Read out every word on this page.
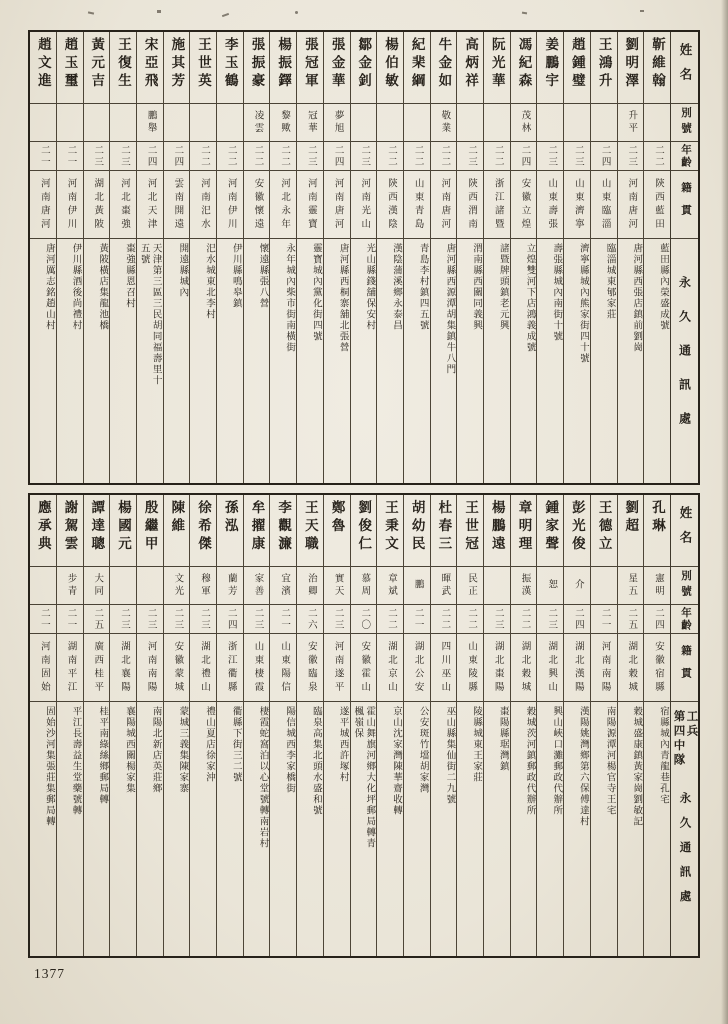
靳維翰
二二
陝西藍田
藍田縣內榮盛成號
劉明澤
升平
二三
河南唐河
唐河縣西張店鎮前劉崗
王鴻升
二四
山東臨淄
臨淄城東郇家莊
趙鍾璧
二三
山東濟寧
濟寧縣城內熊家街四十號
姜鵬宇
二三
山東壽張
壽張縣城內南街十號
馮紀森
茂林
二四
安徽立煌
立煌雙河下店鴻義成號
阮光華
二二
浙江諸暨
諸暨牌頭鎮老元興
高炳祥
二三
陝西渭南
渭南縣西關同義興
牛金如
敬業
二二
河南唐河
唐河縣西源潭胡集鎮牛八門
紀棐綱
二二
山東青島
青島李村鎮四五號
楊伯敏
二二
陝西漢陰
漢陰蒲溪鄉永泰昌
鄒金釗
二三
河南光山
光山縣錢舖保安村
張金華
夢旭
二四
河南唐河
唐河縣西桐寨舖北張營
張冠軍
冠華
二三
河南靈寶
靈寶城內黨化街四號
楊振鐸
黎歟
二二
河北永年
永年城內柴市街南橫街
張振豪
凌雲
二二
安徽懷遠
懷遠縣張八營
李玉鶴
二二
河南伊川
伊川縣鳴皋鎮
王世英
二二
河南汜水
汜水城東北李村
施其芳
二四
雲南開遠
開遠縣城內
宋亞飛
鵬舉
二四
河北天津
天津第三區三民胡同福壽里十五號
王復生
二三
河北棗強
棗強縣恩召村
黃元吉
二三
湖北黃陂
黃陂橫店集龍池橋
趙玉璽
二一
河南伊川
伊川縣酒後尚禮村
趙文進
二一
河南唐河
唐河厲志銘趙山村
姓名
別號
年齡
籍貫
永久通訊處
孔琳
憲明
二四
安徽宿縣
宿縣城內青龍巷孔宅
劉超
星五
二五
湖北穀城
穀城盛康鎮黃家崗劉敏記
王德立
二一
河南南陽
南陽源潭河楊官寺王宅
彭光俊
介
二四
湖北漢陽
漢陽姚灣鄉第六保傅達村
鍾家聲
恕
二三
湖北興山
興山峽口灘郵政代辦所
章明理
振漢
二二
湖北穀城
穀城茨河鎮郵政代辦所
楊鵬遠
二三
湖北棗陽
棗陽縣琚灣鎮
王世冠
民正
二二
山東陵縣
陵縣城東王家莊
杜春三
暉武
二二
四川巫山
巫山縣集仙街二九號
胡幼民
鵬
二一
湖北公安
公安斑竹壋胡家灣
王秉文
章斌
二二
湖北京山
京山沈家灣陳華齋收轉
劉俊仁
慕周
二〇
安徽霍山
霍山舞旗河鄉大化坪郵局轉青楓嶺保
鄭魯
實天
二三
河南遂平
遂平城西許塚村
王天職
治卿
二六
安徽臨泉
臨泉高集北頭水盛和號
李觀濂
宜濱
二一
山東陽信
陽信城西李家橋街
牟擢康
家善
二三
山東棲霞
棲霞蛇窩泊以心堂號轉南岩村
孫泓
蘭芳
二四
浙江衢縣
衢縣下街三二號
徐希傑
穆軍
二三
湖北禮山
禮山夏店徐家沖
陳維
文光
二三
安徽蒙城
蒙城三義集陳家寨
殷繼甲
二三
河南南陽
南陽北新店英莊鄉
楊國元
二三
湖北襄陽
襄陽城西關楊家集
譚達聰
大同
二五
廣西桂平
桂平南綠絲鄉郵局轉
謝駕雲
步青
二一
湖南平江
平江長壽益生堂藥號轉
應承典
二一
河南固始
固始沙河集張莊集郵局轉
姓名
別號
年齡
籍貫
工兵
第四中隊
永久通訊處
1377
